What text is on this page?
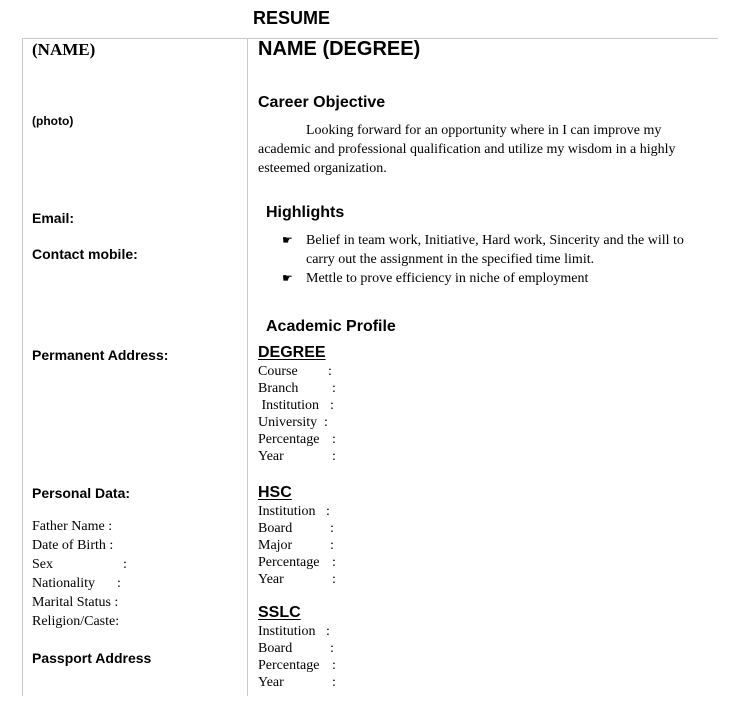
RESUME
(NAME)
(photo)
Email:
Contact mobile:
Permanent Address:
Personal Data:
Father Name :
Date of Birth :
Sex	:
Nationality :
Marital Status :
Religion/Caste:
Passport Address
NAME (DEGREE)
Career Objective
Looking forward for an opportunity where in I can improve my academic and professional qualification and utilize my wisdom in a highly esteemed organization.
Highlights
☛ Belief in team work, Initiative, Hard work, Sincerity and the will to carry out the assignment in the specified time limit.
☛ Mettle to prove efficiency in niche of employment
Academic Profile
DEGREE
Course :
Branch :
Institution :
University :
Percentage :
Year	:
HSC
Institution :
Board	:
Major	:
Percentage :
Year	:
SSLC
Institution :
Board	:
Percentage :
Year	:
